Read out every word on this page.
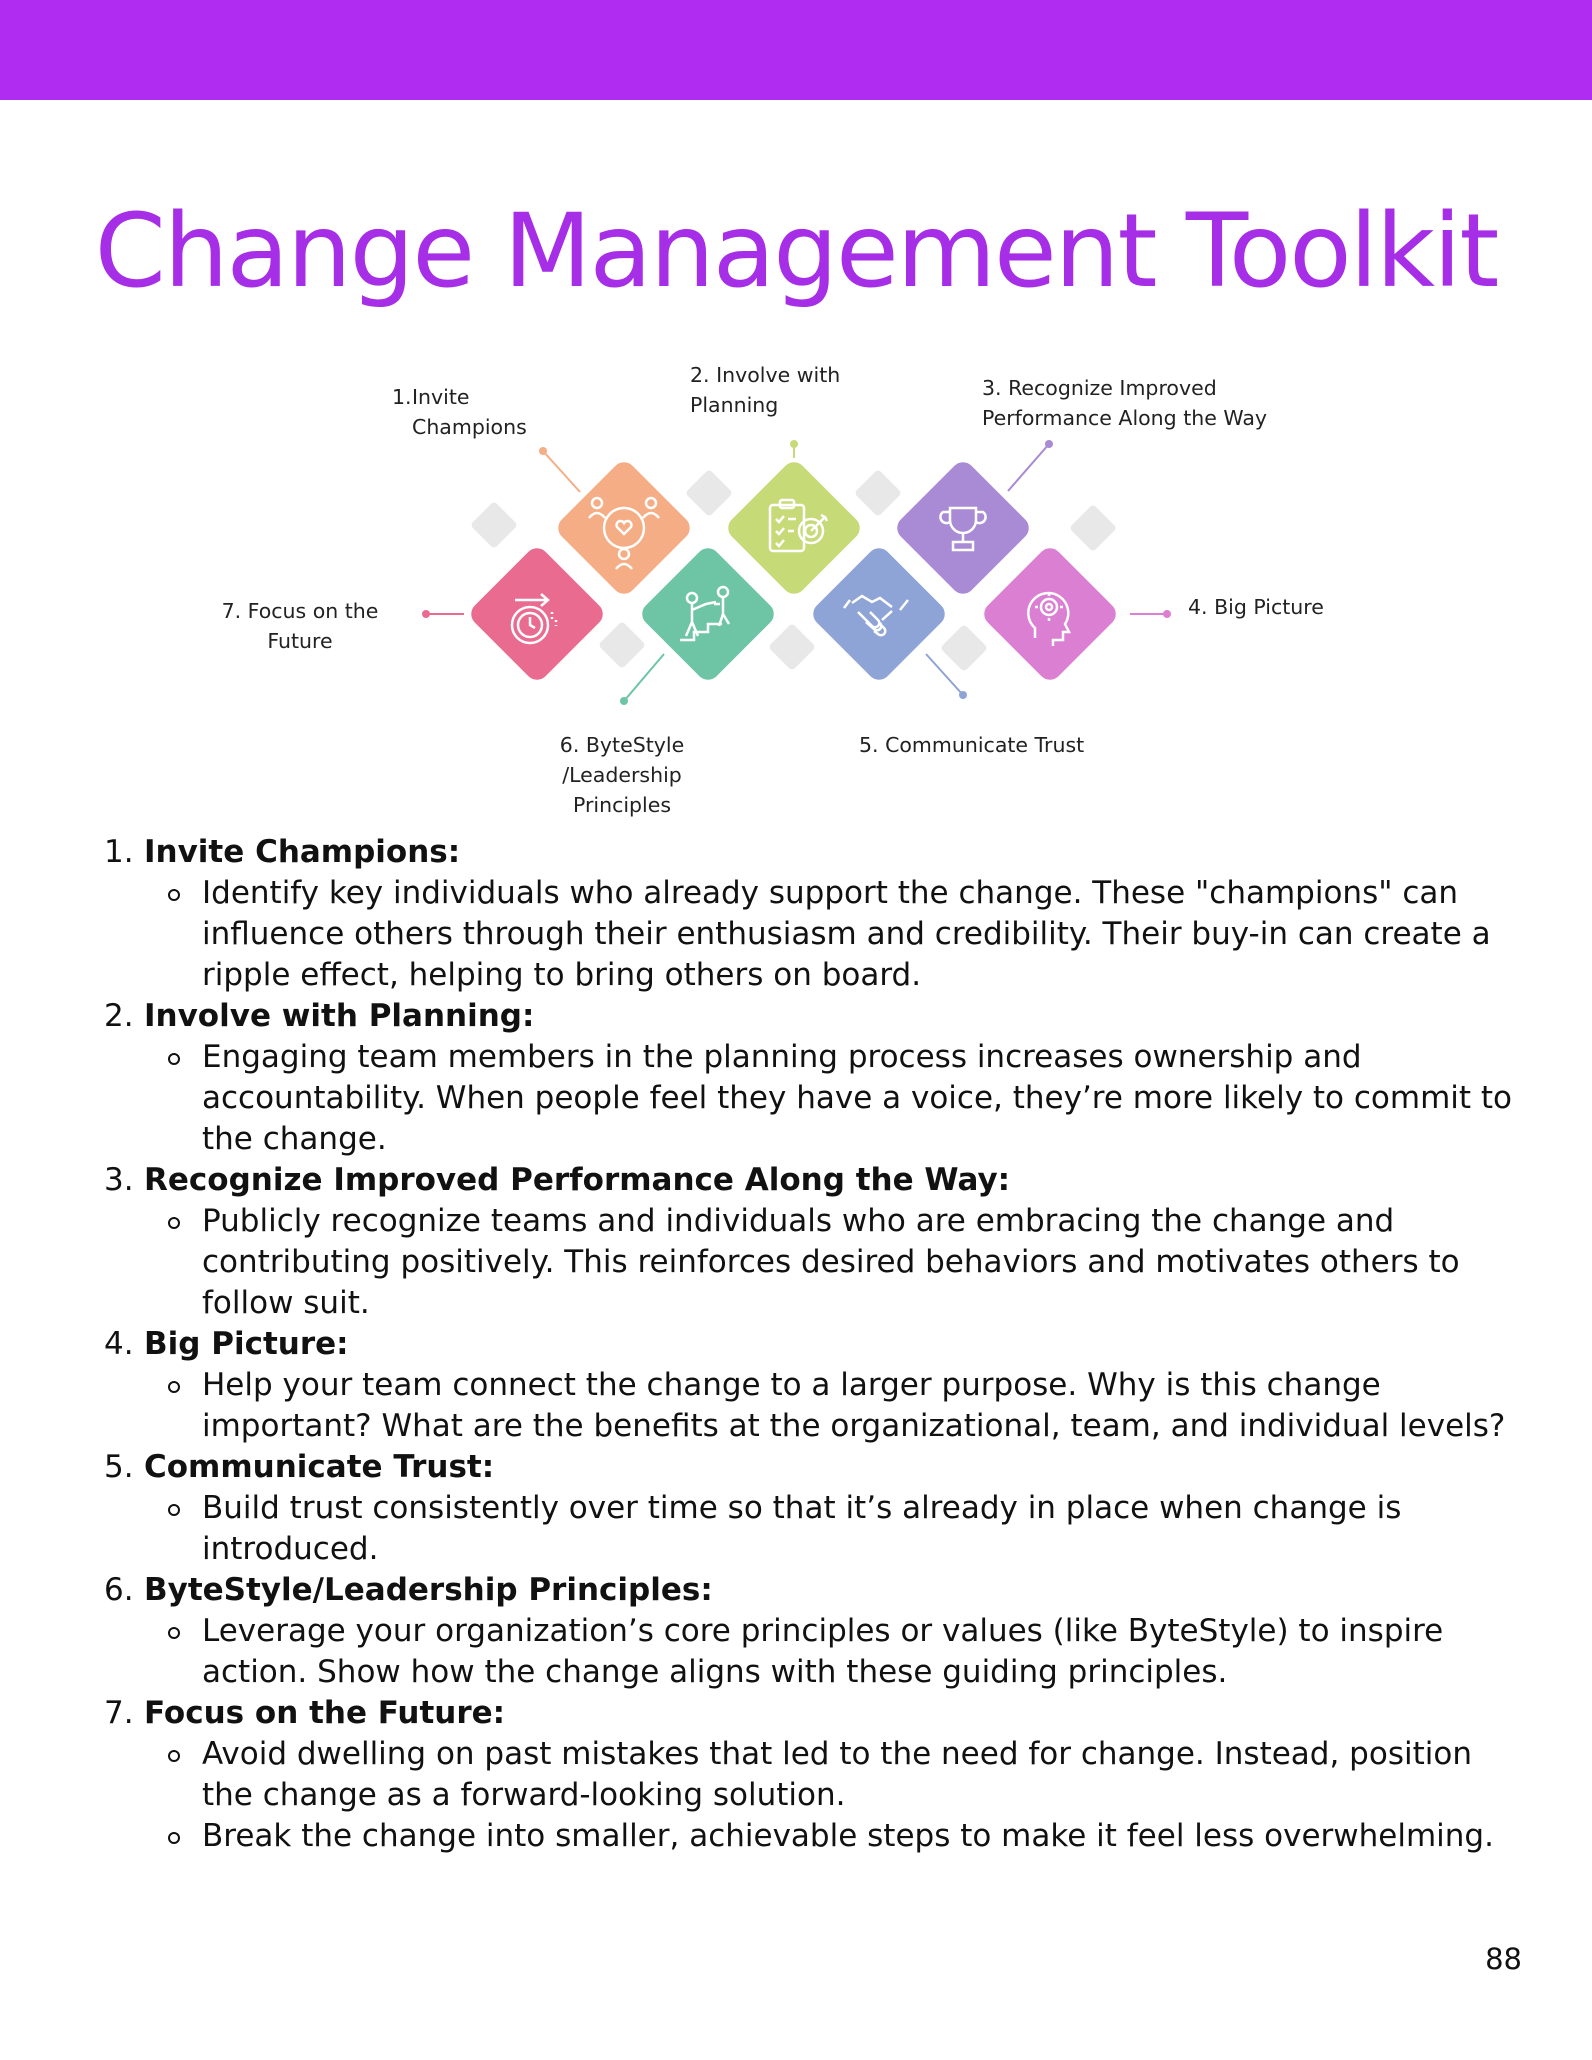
Change Management Toolkit
1. Invite
Champions
2. Involve with
Planning
3. Recognize Improved
Performance Along the Way
4. Big Picture
5. Communicate Trust
6. ByteStyle
/Leadership
Principles
7. Focus on the
Future
1. Invite Champions:
Identify key individuals who already support the change. These "champions" can influence others through their enthusiasm and credibility. Their buy-in can create a ripple effect, helping to bring others on board.
2. Involve with Planning:
Engaging team members in the planning process increases ownership and accountability. When people feel they have a voice, they’re more likely to commit to the change.
3. Recognize Improved Performance Along the Way:
Publicly recognize teams and individuals who are embracing the change and contributing positively. This reinforces desired behaviors and motivates others to follow suit.
4. Big Picture:
Help your team connect the change to a larger purpose. Why is this change important? What are the benefits at the organizational, team, and individual levels?
5. Communicate Trust:
Build trust consistently over time so that it’s already in place when change is introduced.
6. ByteStyle/Leadership Principles:
Leverage your organization’s core principles or values (like ByteStyle) to inspire action. Show how the change aligns with these guiding principles.
7. Focus on the Future:
Avoid dwelling on past mistakes that led to the need for change. Instead, position the change as a forward-looking solution.
Break the change into smaller, achievable steps to make it feel less overwhelming.
88
